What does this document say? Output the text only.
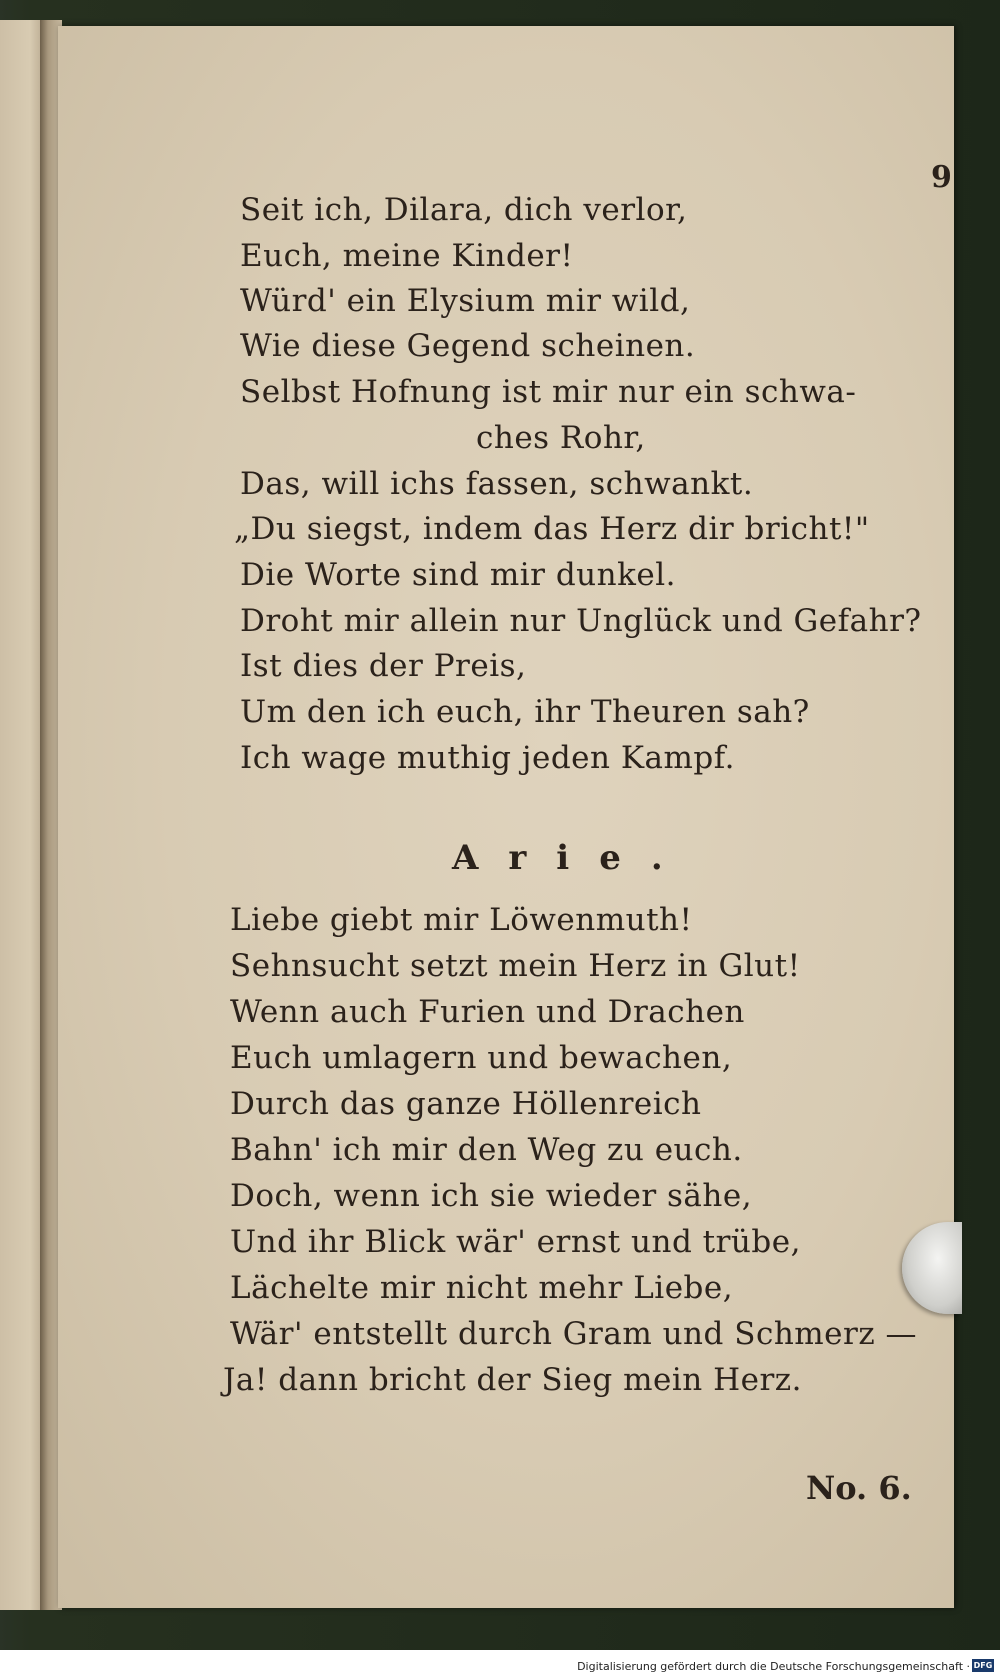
9
Seit ich, Dilara, dich verlor,
Euch, meine Kinder!
Würd' ein Elysium mir wild,
Wie diese Gegend scheinen.
Selbst Hofnung ist mir nur ein schwa-
ches Rohr,
Das, will ichs fassen, schwankt.
„Du siegst, indem das Herz dir bricht!"
Die Worte sind mir dunkel.
Droht mir allein nur Unglück und Gefahr?
Ist dies der Preis,
Um den ich euch, ihr Theuren sah?
Ich wage muthig jeden Kampf.
Arie.
Liebe giebt mir Löwenmuth!
Sehnsucht setzt mein Herz in Glut!
Wenn auch Furien und Drachen
Euch umlagern und bewachen,
Durch das ganze Höllenreich
Bahn' ich mir den Weg zu euch.
Doch, wenn ich sie wieder sähe,
Und ihr Blick wär' ernst und trübe,
Lächelte mir nicht mehr Liebe,
Wär' entstellt durch Gram und Schmerz —
Ja! dann bricht der Sieg mein Herz.
No. 6.
Digitalisierung gefördert durch die Deutsche Forschungsgemeinschaft · DFG
